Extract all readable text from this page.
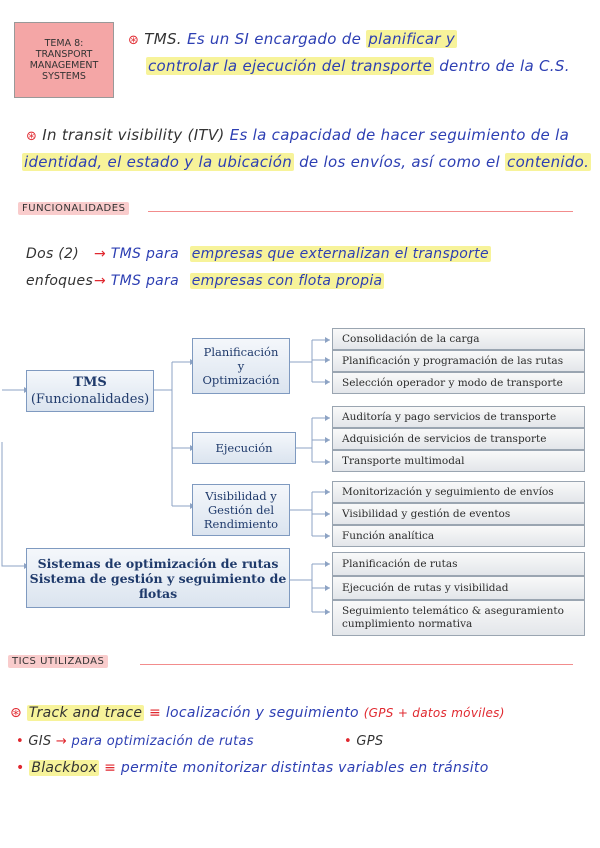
TEMA 8:
TRANSPORT
MANAGEMENT
SYSTEMS
⊛ TMS. Es un SI encargado de planificar y
controlar la ejecución del transporte dentro de la C.S.
⊛ In transit visibility (ITV) Es la capacidad de hacer seguimiento de la
identidad, el estado y la ubicación de los envíos, así como el contenido.
FUNCIONALIDADES
Dos (2)
enfoques
→ TMS para empresas que externalizan el transporte
→ TMS para empresas con flota propia
TMS
(Funcionalidades)
Planificación
y
Optimización
Consolidación de la carga
Planificación y programación de las rutas
Selección operador y modo de transporte
Ejecución
Auditoría y pago servicios de transporte
Adquisición de servicios de transporte
Transporte multimodal
Visibilidad y
Gestión del
Rendimiento
Monitorización y seguimiento de envíos
Visibilidad y gestión de eventos
Función analítica
Sistemas de optimización de rutas
Sistema de gestión y seguimiento de
flotas
Planificación de rutas
Ejecución de rutas y visibilidad
Seguimiento telemático & aseguramiento
cumplimiento normativa
TICS UTILIZADAS
⊛ Track and trace ≡ localización y seguimiento (GPS + datos móviles)
• GIS → para optimización de rutas	• GPS
• Blackbox ≡ permite monitorizar distintas variables en tránsito
